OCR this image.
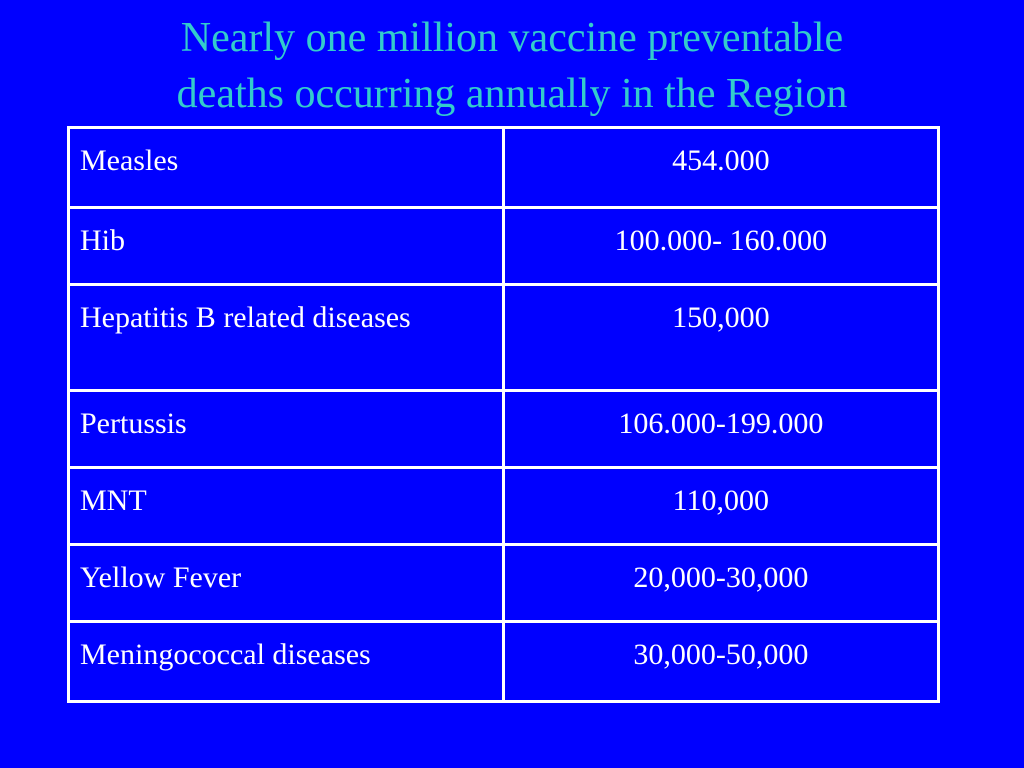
Nearly one million vaccine preventable
deaths occurring annually in the Region
Measles	454.000
Hib	100.000- 160.000
Hepatitis B related diseases	150,000
Pertussis	106.000-199.000
MNT	110,000
Yellow Fever	20,000-30,000
Meningococcal diseases	30,000-50,000
